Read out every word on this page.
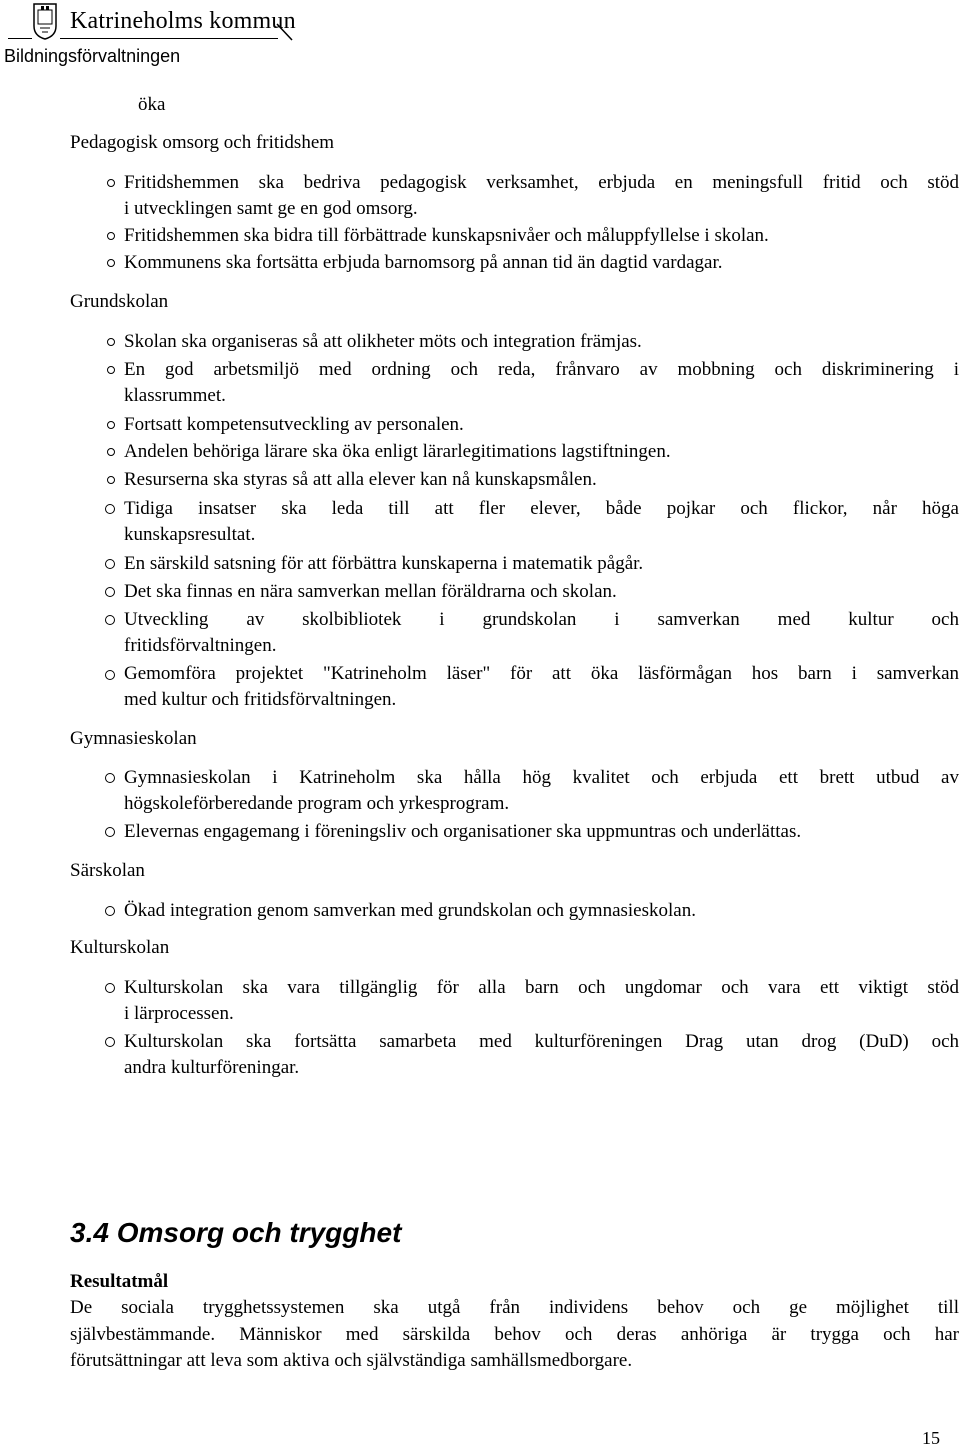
Katrineholms kommun
Bildningsförvaltningen
öka
Pedagogisk omsorg och fritidshem
Fritidshemmen ska bedriva pedagogisk verksamhet, erbjuda en meningsfull fritid och stöd
i utvecklingen samt ge en god omsorg.
Fritidshemmen ska bidra till förbättrade kunskapsnivåer och måluppfyllelse i skolan.
Kommunens ska fortsätta erbjuda barnomsorg på annan tid än dagtid vardagar.
Grundskolan
Skolan ska organiseras så att olikheter möts och integration främjas.
En god arbetsmiljö med ordning och reda, frånvaro av mobbning och diskriminering i
klassrummet.
Fortsatt kompetensutveckling av personalen.
Andelen behöriga lärare ska öka enligt lärarlegitimations lagstiftningen.
Resurserna ska styras så att alla elever kan nå kunskapsmålen.
Tidiga insatser ska leda till att fler elever, både pojkar och flickor, når höga
kunskapsresultat.
En särskild satsning för att förbättra kunskaperna i matematik pågår.
Det ska finnas en nära samverkan mellan föräldrarna och skolan.
Utveckling av skolbibliotek i grundskolan i samverkan med kultur och
fritidsförvaltningen.
Gemomföra projektet "Katrineholm läser" för att öka läsförmågan hos barn i samverkan
med kultur och fritidsförvaltningen.
Gymnasieskolan
Gymnasieskolan i Katrineholm ska hålla hög kvalitet och erbjuda ett brett utbud av
högskoleförberedande program och yrkesprogram.
Elevernas engagemang i föreningsliv och organisationer ska uppmuntras och underlättas.
Särskolan
Ökad integration genom samverkan med grundskolan och gymnasieskolan.
Kulturskolan
Kulturskolan ska vara tillgänglig för alla barn och ungdomar och vara ett viktigt stöd
i lärprocessen.
Kulturskolan ska fortsätta samarbeta med kulturföreningen Drag utan drog (DuD) och
andra kulturföreningar.
3.4 Omsorg och trygghet
Resultatmål
De sociala trygghetssystemen ska utgå från individens behov och ge möjlighet till
självbestämmande. Människor med särskilda behov och deras anhöriga är trygga och har
förutsättningar att leva som aktiva och självständiga samhällsmedborgare.
15
